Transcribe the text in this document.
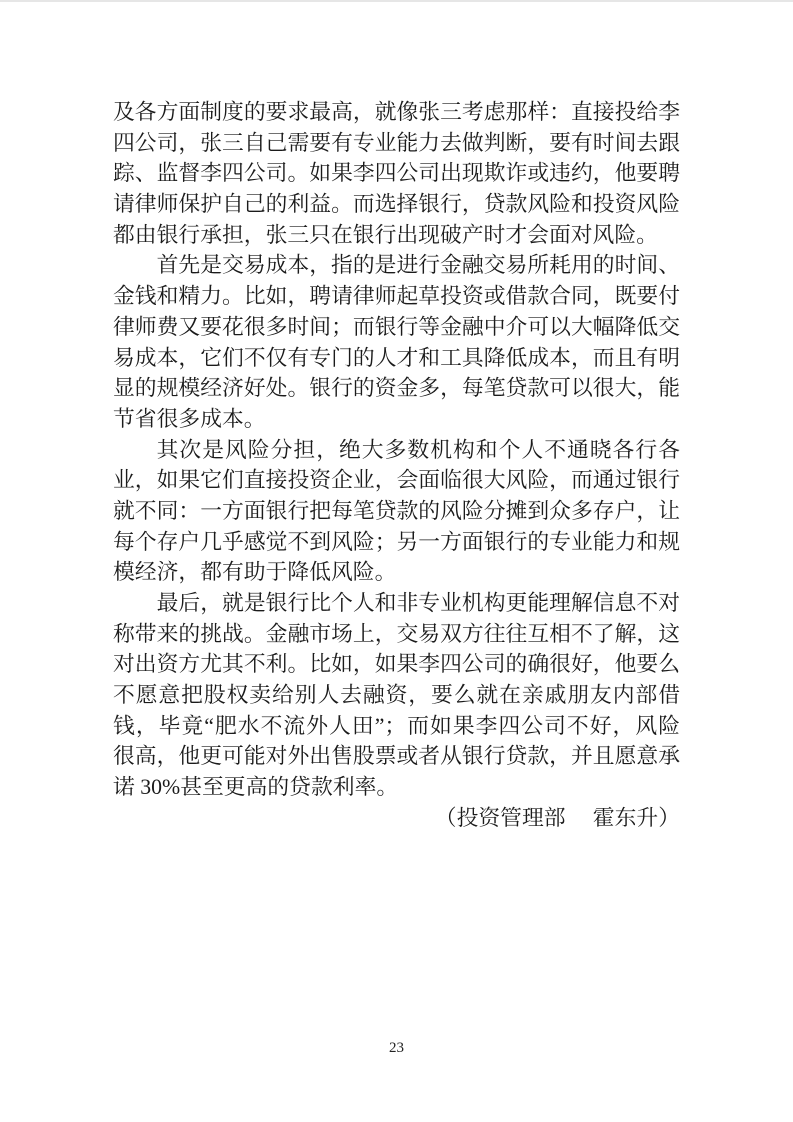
及各方面制度的要求最高，就像张三考虑那样：直接投给李
四公司，张三自己需要有专业能力去做判断，要有时间去跟
踪、监督李四公司。如果李四公司出现欺诈或违约，他要聘
请律师保护自己的利益。而选择银行，贷款风险和投资风险
都由银行承担，张三只在银行出现破产时才会面对风险。
首先是交易成本，指的是进行金融交易所耗用的时间、
金钱和精力。比如，聘请律师起草投资或借款合同，既要付
律师费又要花很多时间；而银行等金融中介可以大幅降低交
易成本，它们不仅有专门的人才和工具降低成本，而且有明
显的规模经济好处。银行的资金多，每笔贷款可以很大，能
节省很多成本。
其次是风险分担，绝大多数机构和个人不通晓各行各
业，如果它们直接投资企业，会面临很大风险，而通过银行
就不同：一方面银行把每笔贷款的风险分摊到众多存户，让
每个存户几乎感觉不到风险；另一方面银行的专业能力和规
模经济，都有助于降低风险。
最后，就是银行比个人和非专业机构更能理解信息不对
称带来的挑战。金融市场上，交易双方往往互相不了解，这
对出资方尤其不利。比如，如果李四公司的确很好，他要么
不愿意把股权卖给别人去融资，要么就在亲戚朋友内部借
钱，毕竟“肥水不流外人田”；而如果李四公司不好，风险
很高，他更可能对外出售股票或者从银行贷款，并且愿意承
诺 30%甚至更高的贷款利率。
（投资管理部　 霍东升）
23
